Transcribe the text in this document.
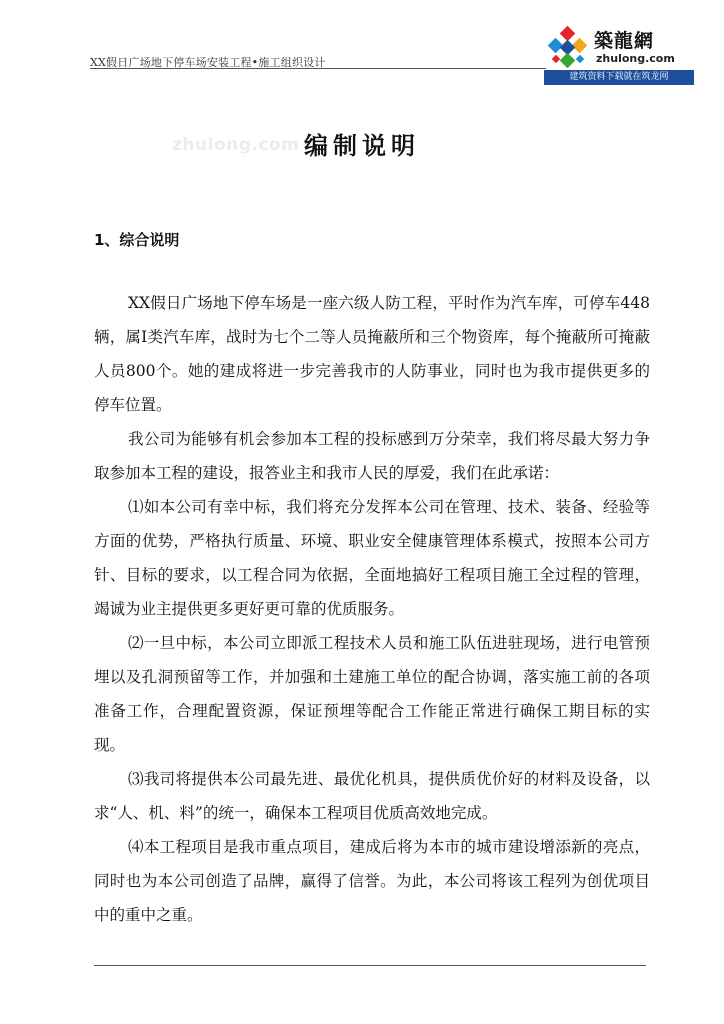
XX假日广场地下停车场安装工程•施工组织设计
築龍網
zhulong.com
建筑资料下载就在筑龙网
zhulong.com 编制说明
1、综合说明

XX假日广场地下停车场是一座六级人防工程，平时作为汽车库，可停车448辆，属I类汽车库，战时为七个二等人员掩蔽所和三个物资库，每个掩蔽所可掩蔽人员800个。她的建成将进一步完善我市的人防事业，同时也为我市提供更多的停车位置。

我公司为能够有机会参加本工程的投标感到万分荣幸，我们将尽最大努力争取参加本工程的建设，报答业主和我市人民的厚爱，我们在此承诺：

⑴如本公司有幸中标，我们将充分发挥本公司在管理、技术、装备、经验等方面的优势，严格执行质量、环境、职业安全健康管理体系模式，按照本公司方针、目标的要求，以工程合同为依据，全面地搞好工程项目施工全过程的管理，竭诚为业主提供更多更好更可靠的优质服务。

⑵一旦中标，本公司立即派工程技术人员和施工队伍进驻现场，进行电管预埋以及孔洞预留等工作，并加强和土建施工单位的配合协调，落实施工前的各项准备工作，合理配置资源，保证预埋等配合工作能正常进行确保工期目标的实现。

⑶我司将提供本公司最先进、最优化机具，提供质优价好的材料及设备，以求“人、机、料”的统一，确保本工程项目优质高效地完成。

⑷本工程项目是我市重点项目，建成后将为本市的城市建设增添新的亮点，同时也为本公司创造了品牌，赢得了信誉。为此，本公司将该工程列为创优项目中的重中之重。
